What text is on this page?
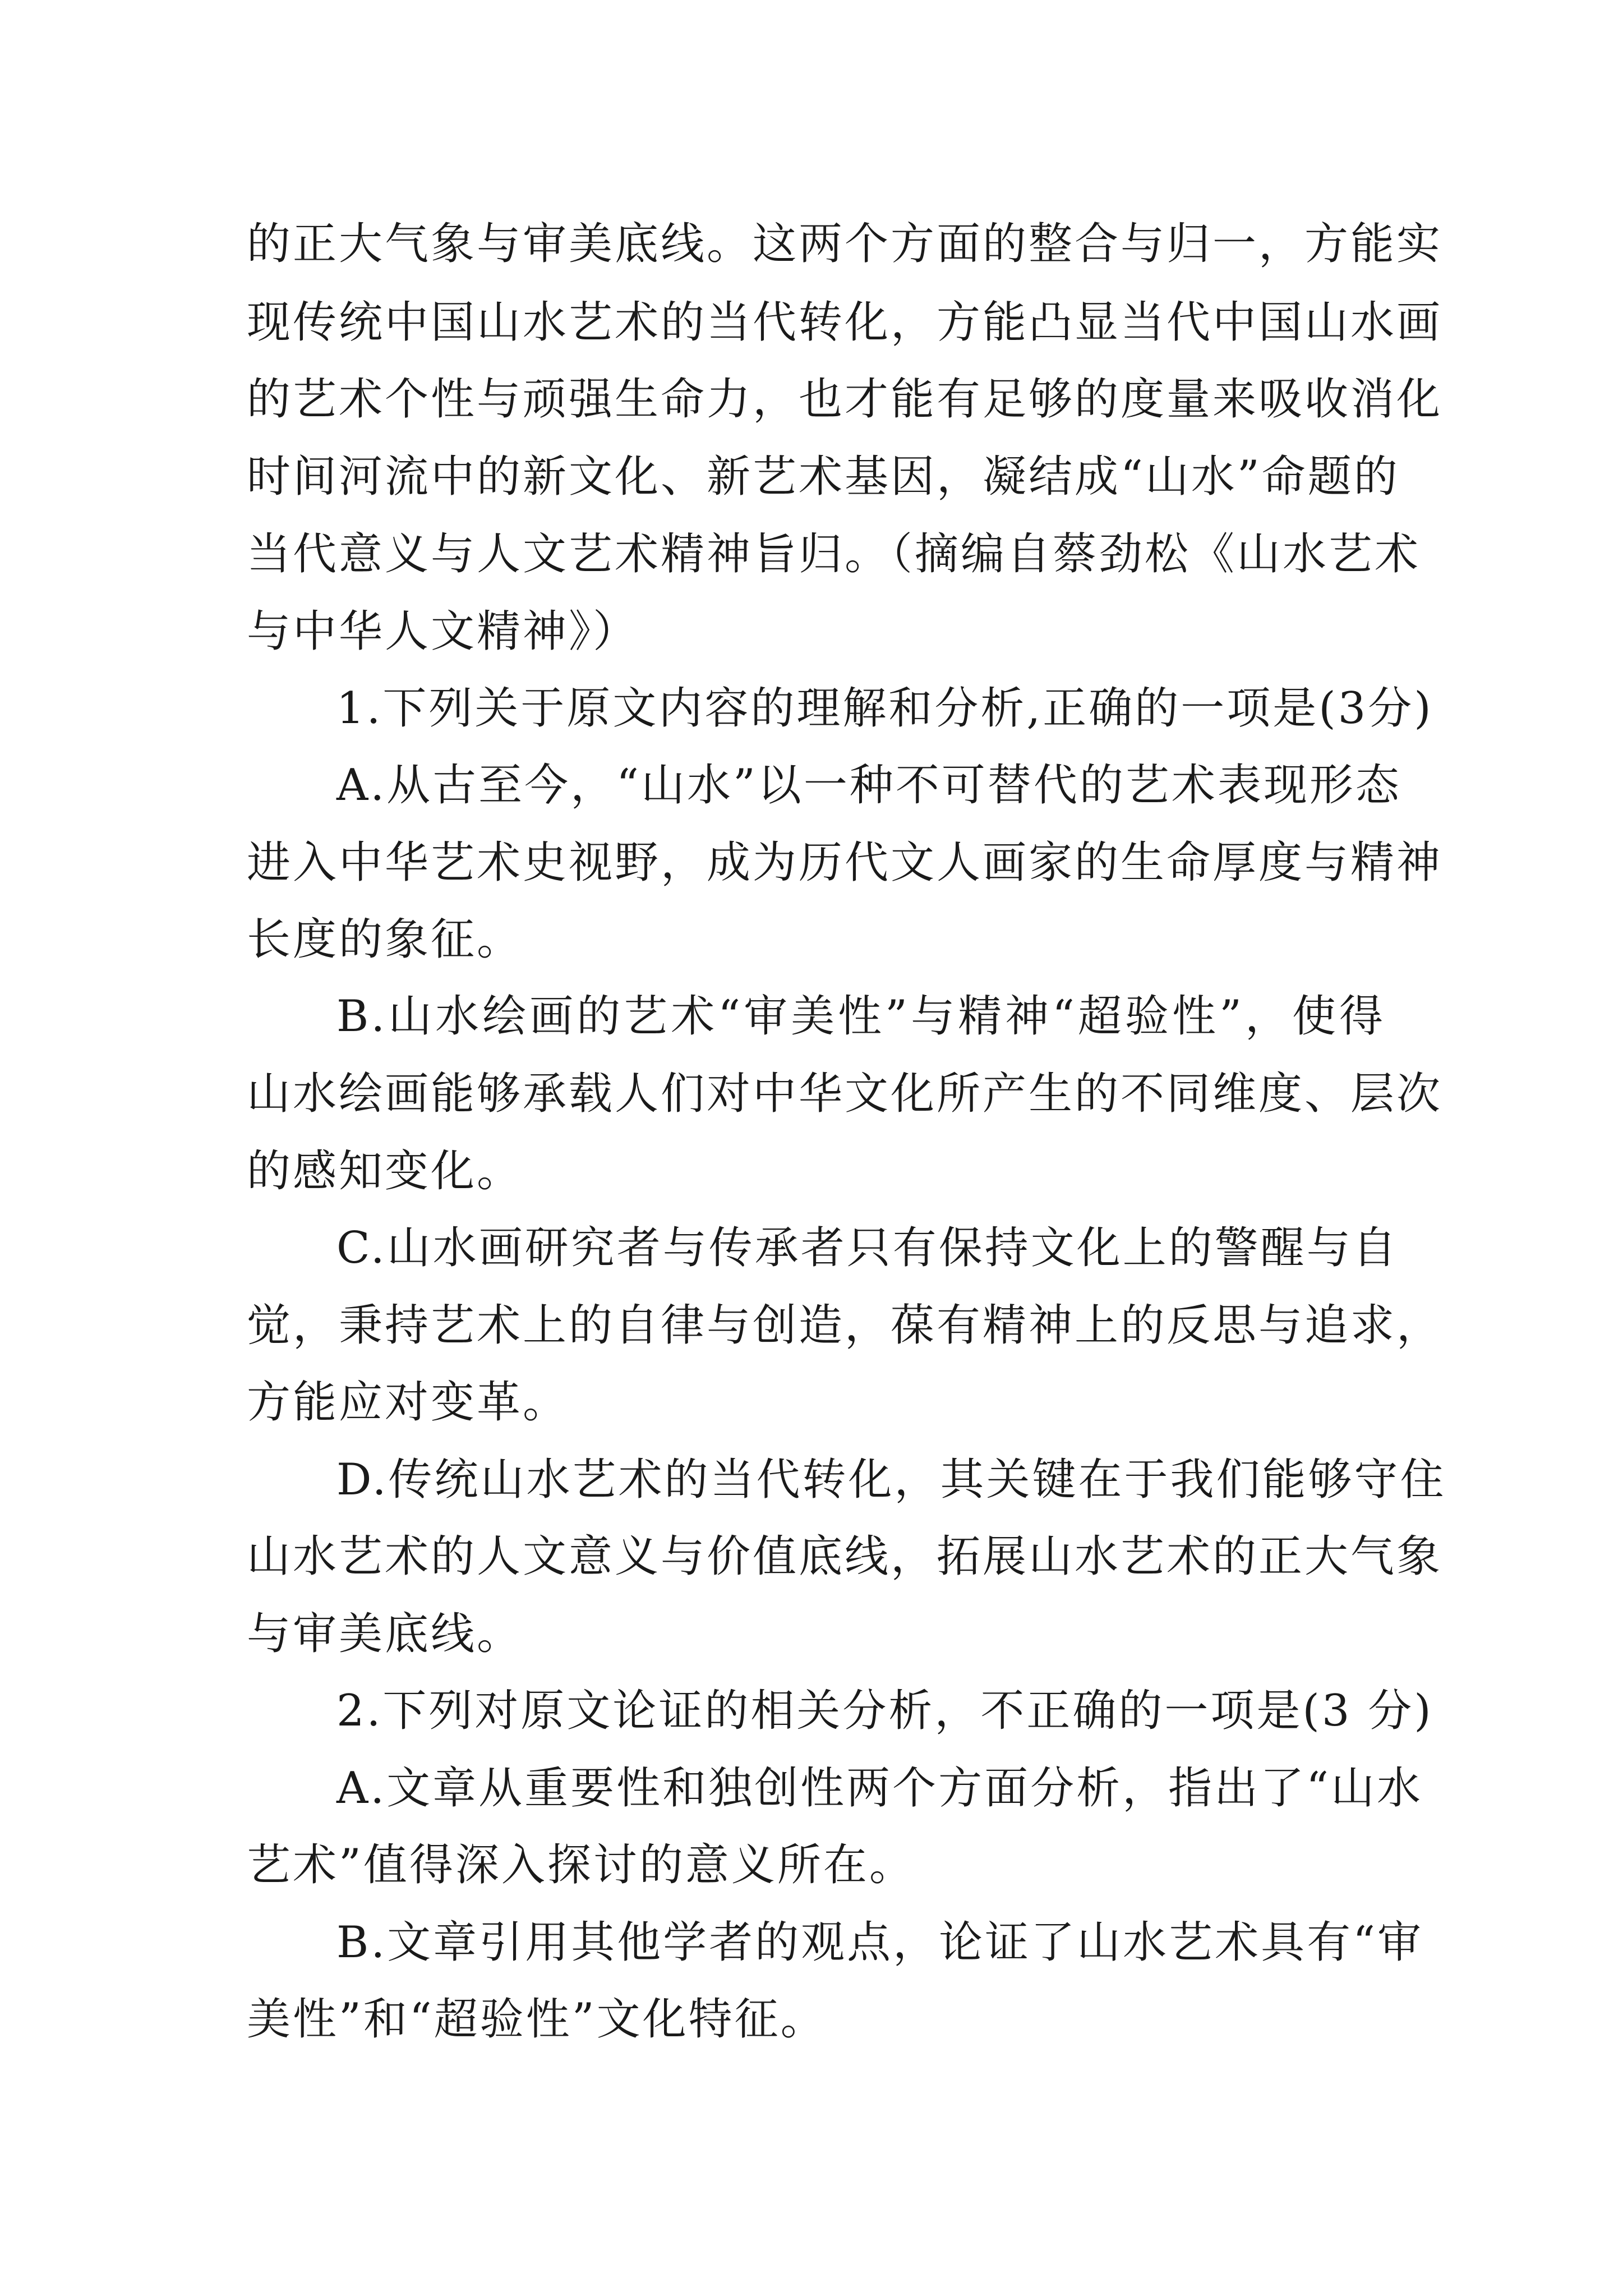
的正大气象与审美底线。这两个方面的整合与归一，方能实
现传统中国山水艺术的当代转化，方能凸显当代中国山水画
的艺术个性与顽强生命力，也才能有足够的度量来吸收消化
时间河流中的新文化、新艺术基因，凝结成“山水”命题的
当代意义与人文艺术精神旨归。（摘编自蔡劲松《山水艺术
与中华人文精神》）
1.下列关于原文内容的理解和分析,正确的一项是(3分)
A.从古至今，“山水”以一种不可替代的艺术表现形态
进入中华艺术史视野，成为历代文人画家的生命厚度与精神
长度的象征。
B.山水绘画的艺术“审美性”与精神“超验性”，使得
山水绘画能够承载人们对中华文化所产生的不同维度、层次
的感知变化。
C.山水画研究者与传承者只有保持文化上的警醒与自
觉，秉持艺术上的自律与创造，葆有精神上的反思与追求，
方能应对变革。
D.传统山水艺术的当代转化，其关键在于我们能够守住
山水艺术的人文意义与价值底线，拓展山水艺术的正大气象
与审美底线。
2.下列对原文论证的相关分析，不正确的一项是(3 分)
A.文章从重要性和独创性两个方面分析，指出了“山水
艺术”值得深入探讨的意义所在。
B.文章引用其他学者的观点，论证了山水艺术具有“审
美性”和“超验性”文化特征。
